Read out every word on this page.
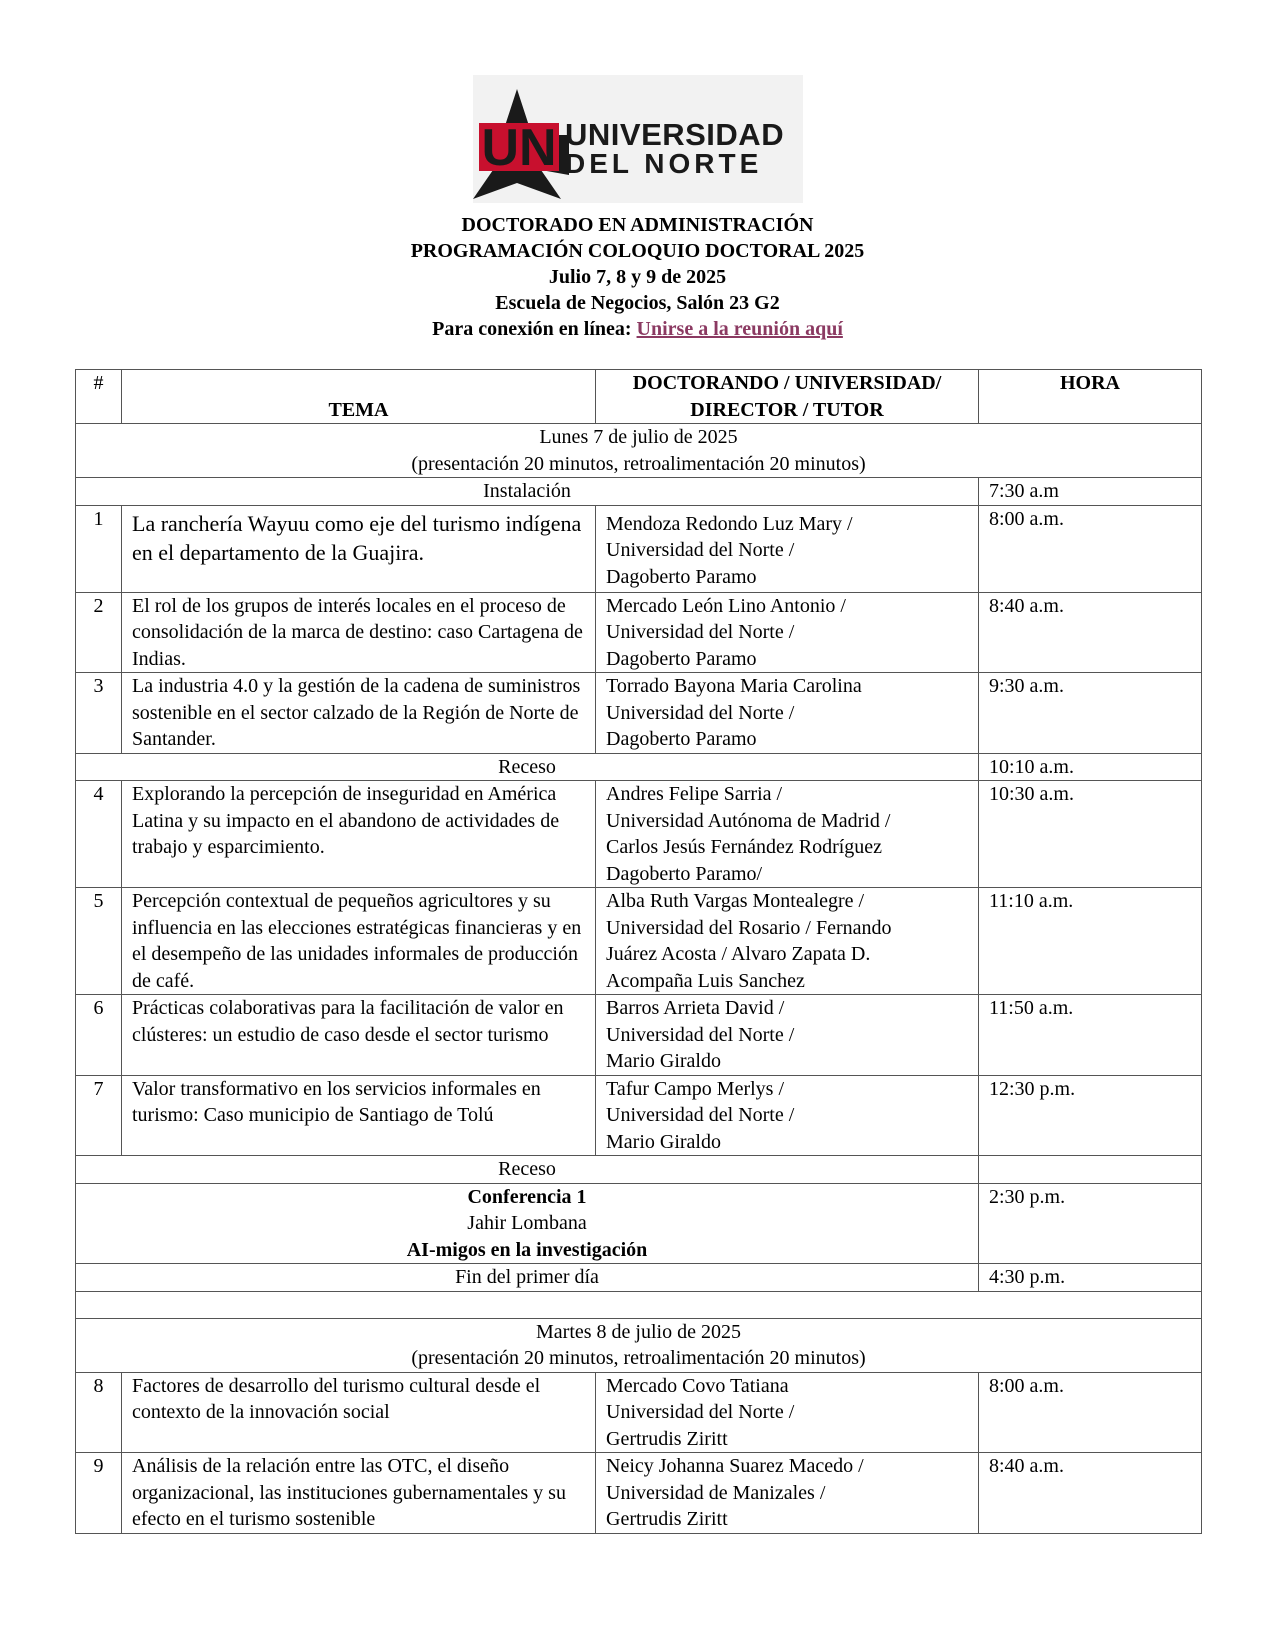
UN UNIVERSIDAD
DEL NORTE
DOCTORADO EN ADMINISTRACIÓN
PROGRAMACIÓN COLOQUIO DOCTORAL 2025
Julio 7, 8 y 9 de 2025
Escuela de Negocios, Salón 23 G2
Para conexión en línea: Unirse a la reunión aquí
#	TEMA	DOCTORANDO / UNIVERSIDAD/
DIRECTOR / TUTOR	HORA

Lunes 7 de julio de 2025
(presentación 20 minutos, retroalimentación 20 minutos)			

Instalación			7:30 a.m
1	La ranchería Wayuu como eje del turismo indígena en el departamento de la Guajira.	Mendoza Redondo Luz Mary /
Universidad del Norte /
Dagoberto Paramo	8:00 a.m.
2	El rol de los grupos de interés locales en el proceso de consolidación de la marca de destino: caso Cartagena de Indias.	Mercado León Lino Antonio /
Universidad del Norte /
Dagoberto Paramo	8:40 a.m.
3	La industria 4.0 y la gestión de la cadena de suministros sostenible en el sector calzado de la Región de Norte de Santander.	Torrado Bayona Maria Carolina
Universidad del Norte /
Dagoberto Paramo	9:30 a.m.
Receso			10:10 a.m.
4	Explorando la percepción de inseguridad en América Latina y su impacto en el abandono de actividades de trabajo y esparcimiento.	Andres Felipe Sarria /
Universidad Autónoma de Madrid /
Carlos Jesús Fernández Rodríguez
Dagoberto Paramo/	10:30 a.m.
5	Percepción contextual de pequeños agricultores y su influencia en las elecciones estratégicas financieras y en el desempeño de las unidades informales de producción de café.	Alba Ruth Vargas Montealegre /
Universidad del Rosario / Fernando
Juárez Acosta / Alvaro Zapata D.
Acompaña Luis Sanchez	11:10 a.m.
6	Prácticas colaborativas para la facilitación de valor en clústeres: un estudio de caso desde el sector turismo	Barros Arrieta David /
Universidad del Norte /
Mario Giraldo	11:50 a.m.
7	Valor transformativo en los servicios informales en turismo: Caso municipio de Santiago de Tolú	Tafur Campo Merlys /
Universidad del Norte /
Mario Giraldo	12:30 p.m.
Receso			

Conferencia 1
Jahir Lombana
AI-migos en la investigación			2:30 p.m.
Fin del primer día			4:30 p.m.

Martes 8 de julio de 2025
(presentación 20 minutos, retroalimentación 20 minutos)			

8	Factores de desarrollo del turismo cultural desde el contexto de la innovación social	Mercado Covo Tatiana
Universidad del Norte /
Gertrudis Ziritt	8:00 a.m.
9	Análisis de la relación entre las OTC, el diseño organizacional, las instituciones gubernamentales y su efecto en el turismo sostenible	Neicy Johanna Suarez Macedo /
Universidad de Manizales /
Gertrudis Ziritt	8:40 a.m.
